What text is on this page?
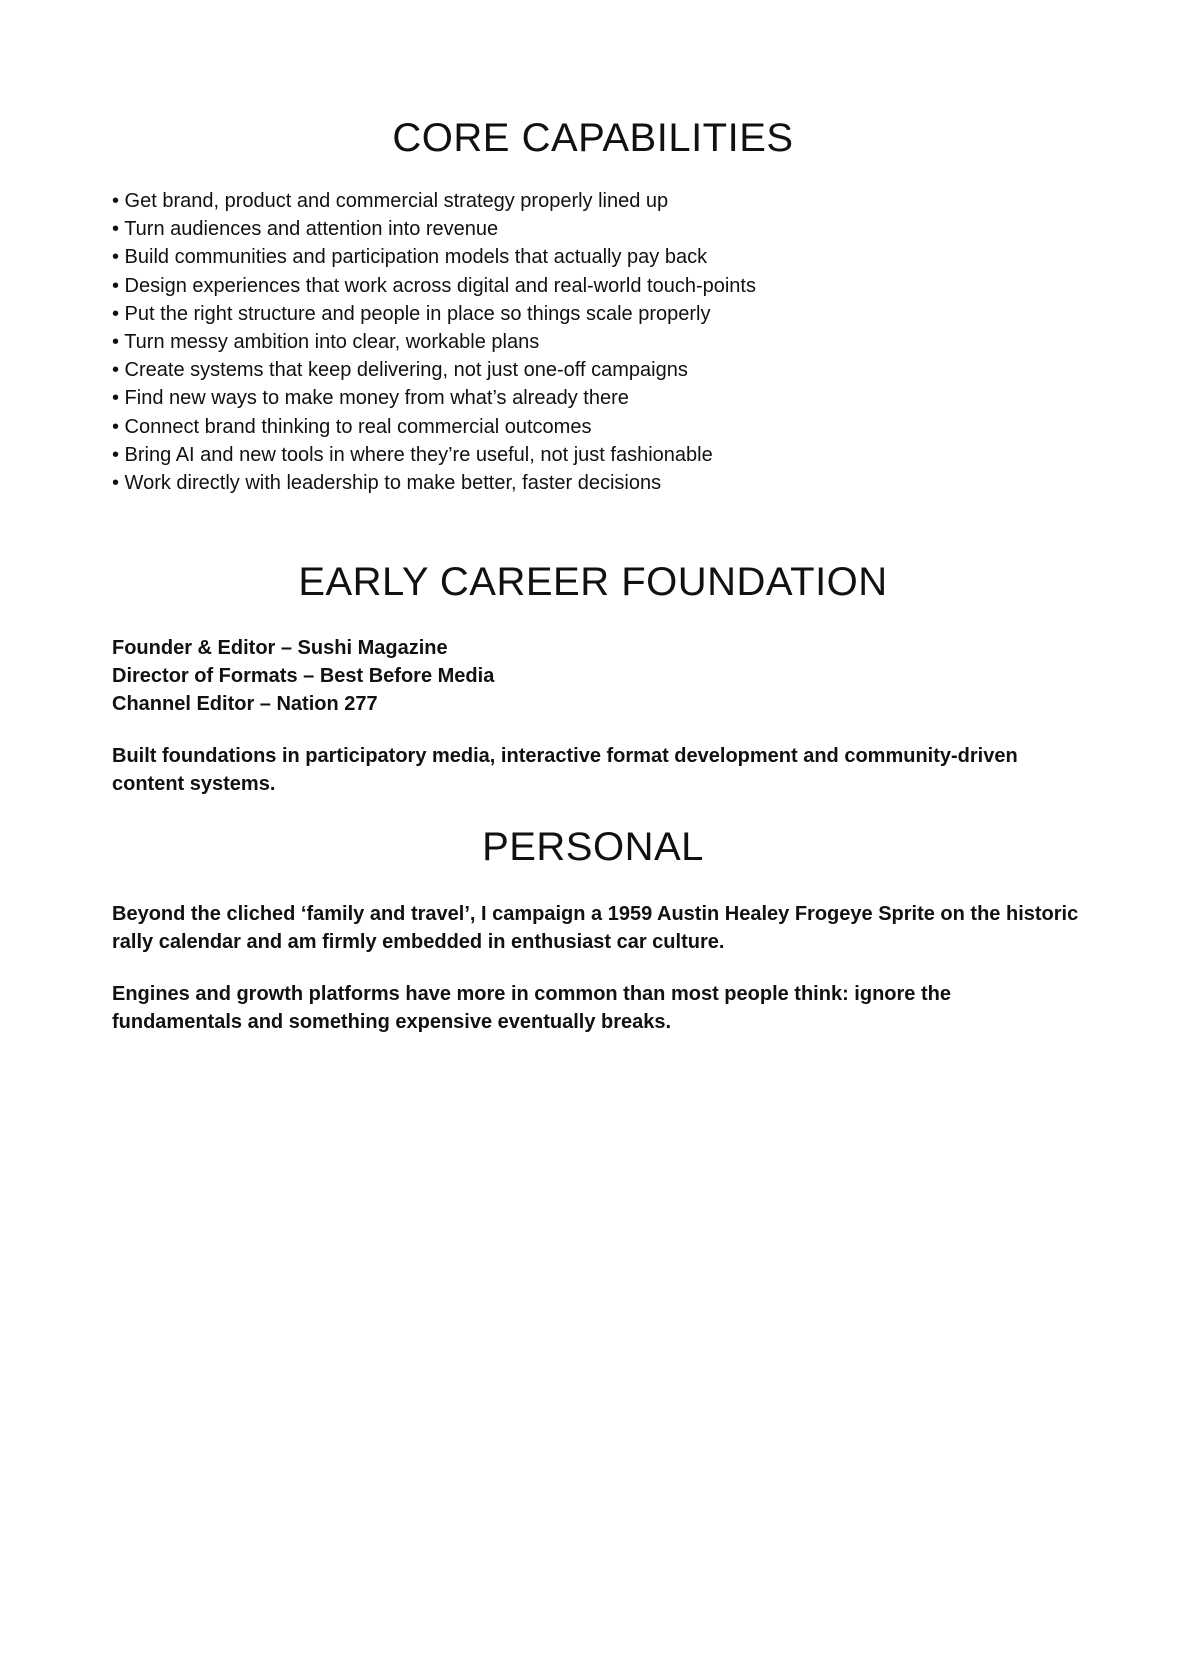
CORE CAPABILITIES
• Get brand, product and commercial strategy properly lined up
• Turn audiences and attention into revenue
• Build communities and participation models that actually pay back
• Design experiences that work across digital and real-world touch-points
• Put the right structure and people in place so things scale properly
• Turn messy ambition into clear, workable plans
• Create systems that keep delivering, not just one-off campaigns
• Find new ways to make money from what’s already there
• Connect brand thinking to real commercial outcomes
• Bring AI and new tools in where they’re useful, not just fashionable
• Work directly with leadership to make better, faster decisions
EARLY CAREER FOUNDATION
Founder & Editor – Sushi Magazine
Director of Formats – Best Before Media
Channel Editor – Nation 277

Built foundations in participatory media, interactive format development and community-driven content systems.

PERSONAL

Beyond the cliched ‘family and travel’, I campaign a 1959 Austin Healey Frogeye Sprite on the historic rally calendar and am firmly embedded in enthusiast car culture.

Engines and growth platforms have more in common than most people think: ignore the fundamentals and something expensive eventually breaks.
